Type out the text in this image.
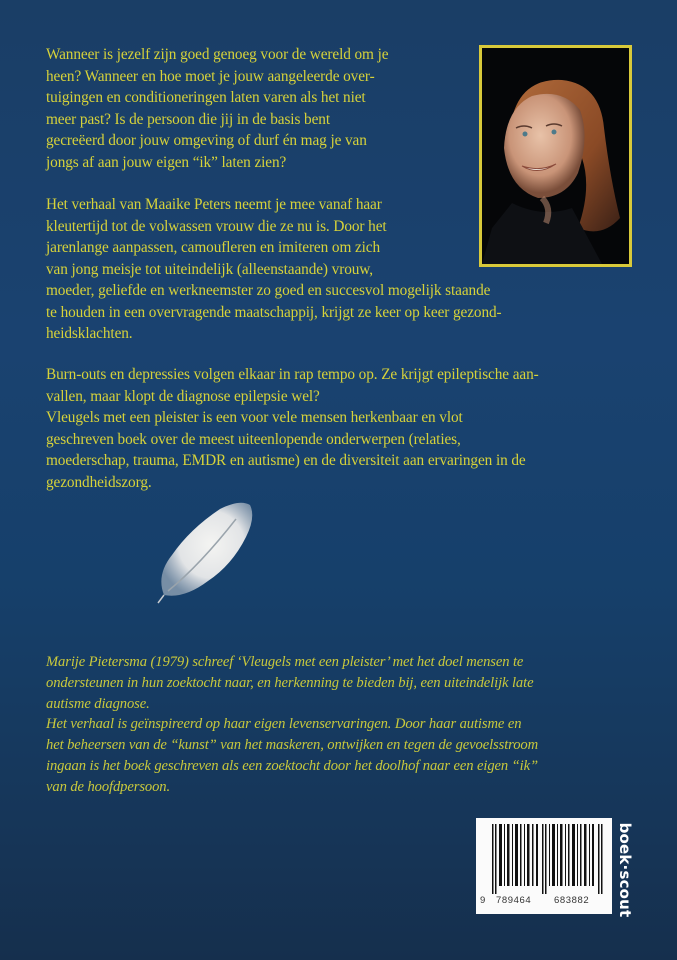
Wanneer is jezelf zijn goed genoeg voor de wereld om je
heen? Wanneer en hoe moet je jouw aangeleerde over-
tuigingen en conditioneringen laten varen als het niet
meer past? Is de persoon die jij in de basis bent
gecreëerd door jouw omgeving of durf én mag je van
jongs af aan jouw eigen “ik” laten zien?
Het verhaal van Maaike Peters neemt je mee vanaf haar
kleutertijd tot de volwassen vrouw die ze nu is. Door het
jarenlange aanpassen, camoufleren en imiteren om zich
van jong meisje tot uiteindelijk (alleenstaande) vrouw,
moeder, geliefde en werkneemster zo goed en succesvol mogelijk staande
te houden in een overvragende maatschappij, krijgt ze keer op keer gezond-
heidsklachten.
Burn-outs en depressies volgen elkaar in rap tempo op. Ze krijgt epileptische aan-
vallen, maar klopt de diagnose epilepsie wel?
Vleugels met een pleister is een voor vele mensen herkenbaar en vlot
geschreven boek over de meest uiteenlopende onderwerpen (relaties,
moederschap, trauma, EMDR en autisme) en de diversiteit aan ervaringen in de
gezondheidszorg.
Marije Pietersma (1979) schreef ‘Vleugels met een pleister’ met het doel mensen te
ondersteunen in hun zoektocht naar, en herkenning te bieden bij, een uiteindelijk late
autisme diagnose.
Het verhaal is geïnspireerd op haar eigen levenservaringen. Door haar autisme en
het beheersen van de “kunst” van het maskeren, ontwijken en tegen de gevoelsstroom
ingaan is het boek geschreven als een zoektocht door het doolhof naar een eigen “ik”
van de hoofdpersoon.
9 789464 683882 boek·scout
